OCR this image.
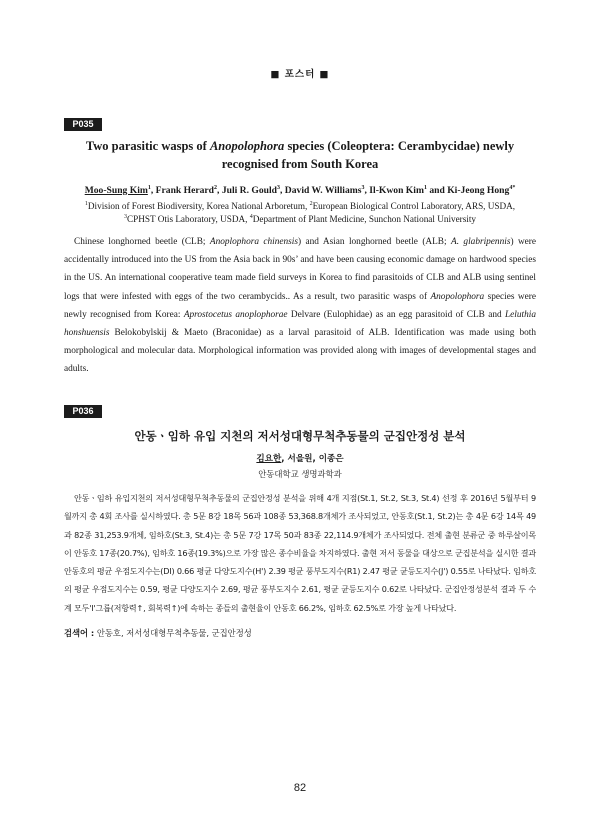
■ 포스터 ■
P035
Two parasitic wasps of Anopolophora species (Coleoptera: Cerambycidae) newly recognised from South Korea
Moo-Sung Kim$^1$, Frank Herard$^2$, Juli R. Gould$^3$, David W. Williams$^3$, Il-Kwon Kim$^1$ and Ki-Jeong Hong$^{4*}$
$^1$Division of Forest Biodiversity, Korea National Arboretum, $^2$European Biological Control Laboratory, ARS, USDA,
$^3$CPHST Otis Laboratory, USDA, $^4$Department of Plant Medicine, Sunchon National University

Chinese longhorned beetle (CLB; Anoplophora chinensis) and Asian longhorned beetle (ALB; A. glabripennis) were accidentally introduced into the US from the Asia back in 90s’ and have been causing economic damage on hardwood species in the US. An international cooperative team made field surveys in Korea to find parasitoids of CLB and ALB using sentinel logs that were infested with eggs of the two cerambycids.. As a result, two parasitic wasps of Anopolophora species were newly recognised from Korea: Aprostocetus anoplophorae Delvare (Eulophidae) as an egg parasitoid of CLB and Leluthia honshuensis Belokobylskij & Maeto (Braconidae) as a larval parasitoid of ALB. Identification was made using both morphological and molecular data. Morphological information was provided along with images of developmental stages and adults.

P036
안동ㆍ임하 유입 지천의 저서성대형무척추동물의 군집안정성 분석
김요한, 서을원, 이종은
안동대학교 생명과학과

안동ㆍ임하 유입지천의 저서성대형무척추동물의 군집안정성 분석을 위해 4개 지점(St.1, St.2, St.3, St.4) 선정 후 2016년 5월부터 9월까지 총 4회 조사를 실시하였다. 총 5문 8강 18목 56과 108종 53,368.8개체가 조사되었고, 안동호(St.1, St.2)는 총 4문 6강 14목 49과 82종 31,253.9개체, 임하호(St.3, St.4)는 총 5문 7강 17목 50과 83종 22,114.9개체가 조사되었다. 전체 출현 분류군 중 하루살이목이 안동호 17종(20.7%), 임하호 16종(19.3%)으로 가장 많은 종수비율을 차지하였다. 출현 저서 동물을 대상으로 군집분석을 실시한 결과 안동호의 평균 우점도지수는(DI) 0.66 평균 다양도지수(H') 2.39 평균 풍부도지수(R1) 2.47 평균 균등도지수(J') 0.55로 나타났다. 임하호의 평균 우점도지수는 0.59, 평균 다양도지수 2.69, 평균 풍부도지수 2.61, 평균 균등도지수 0.62로 나타났다. 군집안정성분석 결과 두 수계 모두'I'그룹(저항력↑, 회복력↑)에 속하는 종들의 출현율이 안동호 66.2%, 임하호 62.5%로 가장 높게 나타났다.

검색어 : 안동호, 저서성대형무척추동물, 군집안정성
82
